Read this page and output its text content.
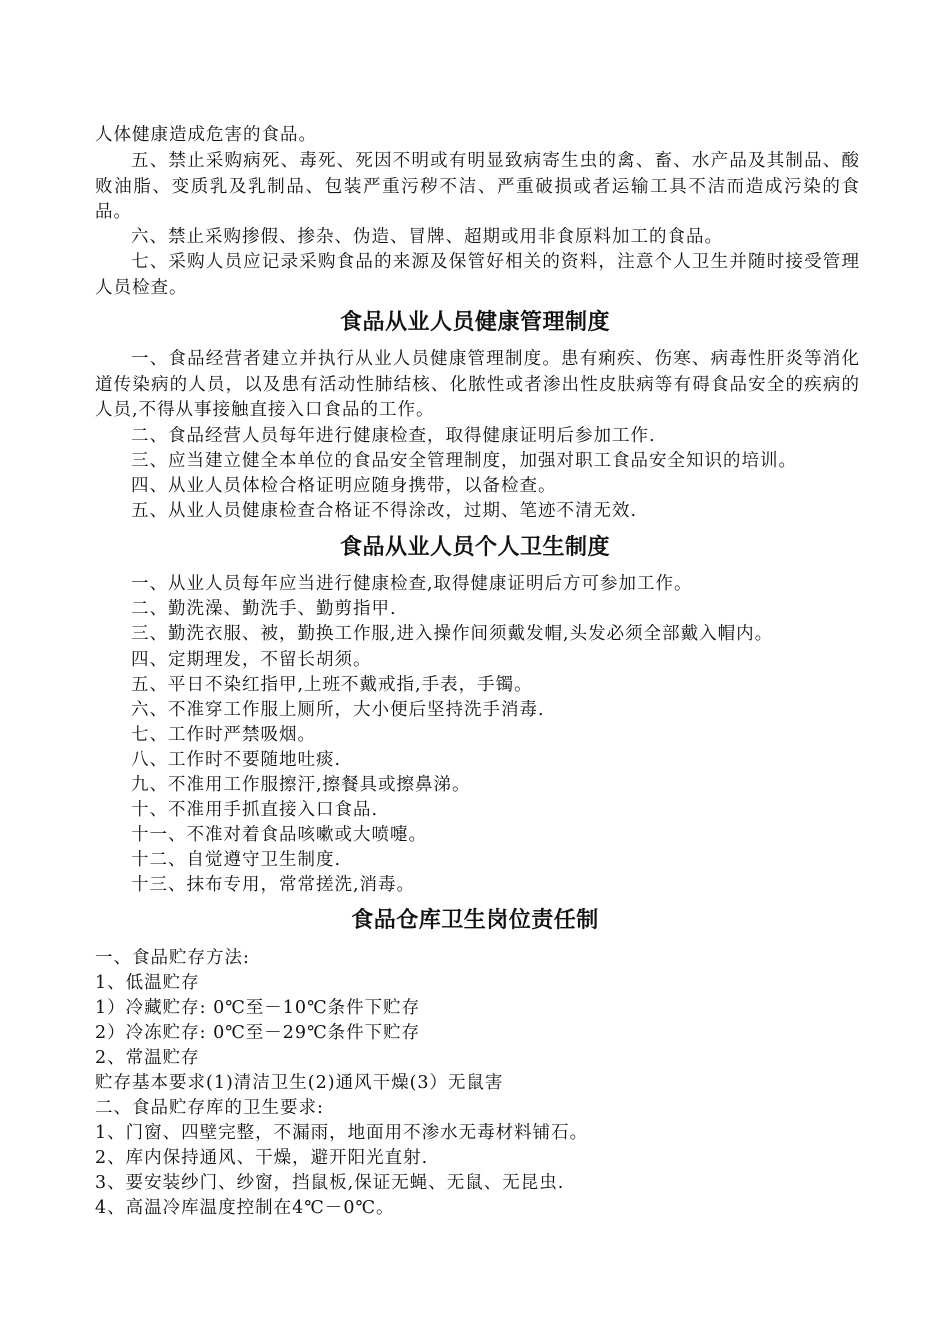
人体健康造成危害的食品。

五、禁止采购病死、毒死、死因不明或有明显致病寄生虫的禽、畜、水产品及其制品、酸败油脂、变质乳及乳制品、包装严重污秽不洁、严重破损或者运输工具不洁而造成污染的食品。

六、禁止采购掺假、掺杂、伪造、冒牌、超期或用非食原料加工的食品。

七、采购人员应记录采购食品的来源及保管好相关的资料，注意个人卫生并随时接受管理人员检查。

食品从业人员健康管理制度

一、食品经营者建立并执行从业人员健康管理制度。患有痢疾、伤寒、病毒性肝炎等消化道传染病的人员，以及患有活动性肺结核、化脓性或者渗出性皮肤病等有碍食品安全的疾病的人员,不得从事接触直接入口食品的工作。

二、食品经营人员每年进行健康检查，取得健康证明后参加工作.

三、应当建立健全本单位的食品安全管理制度，加强对职工食品安全知识的培训。

四、从业人员体检合格证明应随身携带，以备检查。

五、从业人员健康检查合格证不得涂改，过期、笔迹不清无效.

食品从业人员个人卫生制度

一、从业人员每年应当进行健康检查,取得健康证明后方可参加工作。

二、勤洗澡、勤洗手、勤剪指甲.

三、勤洗衣服、被，勤换工作服,进入操作间须戴发帽,头发必须全部戴入帽内。

四、定期理发，不留长胡须。

五、平日不染红指甲,上班不戴戒指,手表，手镯。

六、不准穿工作服上厕所，大小便后坚持洗手消毒.

七、工作时严禁吸烟。

八、工作时不要随地吐痰.

九、不准用工作服擦汗,擦餐具或擦鼻涕。

十、不准用手抓直接入口食品.

十一、不准对着食品咳嗽或大喷嚏。

十二、自觉遵守卫生制度.

十三、抹布专用，常常搓洗,消毒。

食品仓库卫生岗位责任制

一、食品贮存方法:

1、低温贮存

1）冷藏贮存: 0℃至－10℃条件下贮存

2）冷冻贮存: 0℃至－29℃条件下贮存

2、常温贮存

贮存基本要求(1)清洁卫生(2)通风干燥(3）无鼠害

二、食品贮存库的卫生要求:

1、门窗、四壁完整，不漏雨，地面用不渗水无毒材料铺石。

2、库内保持通风、干燥，避开阳光直射.

3、要安装纱门、纱窗，挡鼠板,保证无蝇、无鼠、无昆虫.

4、高温冷库温度控制在4℃－0℃。
